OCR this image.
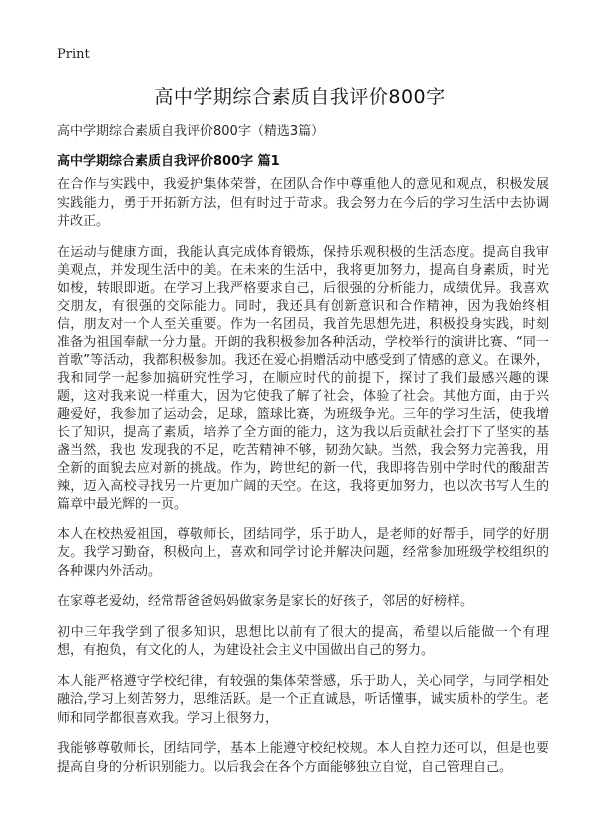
Print
高中学期综合素质自我评价800字
高中学期综合素质自我评价800字（精选3篇）
高中学期综合素质自我评价800字 篇1

在合作与实践中，我爱护集体荣誉，在团队合作中尊重他人的意见和观点，积极发展实践能力，勇于开拓新方法，但有时过于苛求。我会努力在今后的学习生活中去协调并改正。

在运动与健康方面，我能认真完成体育锻炼，保持乐观积极的生活态度。提高自我审美观点，并发现生活中的美。在未来的生活中，我将更加努力，提高自身素质，时光如梭，转眼即逝。在学习上我严格要求自己，后很强的分析能力，成绩优异。我喜欢交朋友，有很强的交际能力。同时，我还具有创新意识和合作精神，因为我始终相信，朋友对一个人至关重要。作为一名团员，我首先思想先进，积极投身实践，时刻准备为祖国奉献一分力量。开朗的我积极参加各种活动，学校举行的演讲比赛、“同一首歌”等活动，我都积极参加。我还在爱心捐赠活动中感受到了情感的意义。在课外，我和同学一起参加搞研究性学习，在顺应时代的前提下，探讨了我们最感兴趣的课题，这对我来说一样重大，因为它使我了解了社会，体验了社会。其他方面，由于兴趣爱好，我参加了运动会，足球，篮球比赛，为班级争光。三年的学习生活，使我增长了知识，提高了素质，培养了全方面的能力，这为我以后贡献社会打下了坚实的基盏当然，我也 发现我的不足，吃苦精神不够，韧劲欠缺。当然，我会努力完善我，用全新的面貌去应对新的挑战。作为，跨世纪的新一代，我即将告别中学时代的酸甜苦辣，迈入高校寻找另一片更加广阔的天空。在这，我将更加努力，也以次书写人生的 篇章中最光辉的一页。

本人在校热爱祖国，尊敬师长，团结同学，乐于助人，是老师的好帮手，同学的好朋友。我学习勤奋，积极向上，喜欢和同学讨论并解决问题，经常参加班级学校组织的各种课内外活动。

在家尊老爱幼，经常帮爸爸妈妈做家务是家长的好孩子，邻居的好榜样。

初中三年我学到了很多知识，思想比以前有了很大的提高，希望以后能做一个有理想，有抱负，有文化的人，为建设社会主义中国做出自己的努力。

本人能严格遵守学校纪律，有较强的集体荣誉感，乐于助人，关心同学，与同学相处融洽,学习上刻苦努力，思维活跃。是一个正直诚恳，听话懂事，诚实质朴的学生。老师和同学都很喜欢我。学习上很努力，

我能够尊敬师长，团结同学，基本上能遵守校纪校规。本人自控力还可以，但是也要提高自身的分析识别能力。以后我会在各个方面能够独立自觉，自己管理自己。
